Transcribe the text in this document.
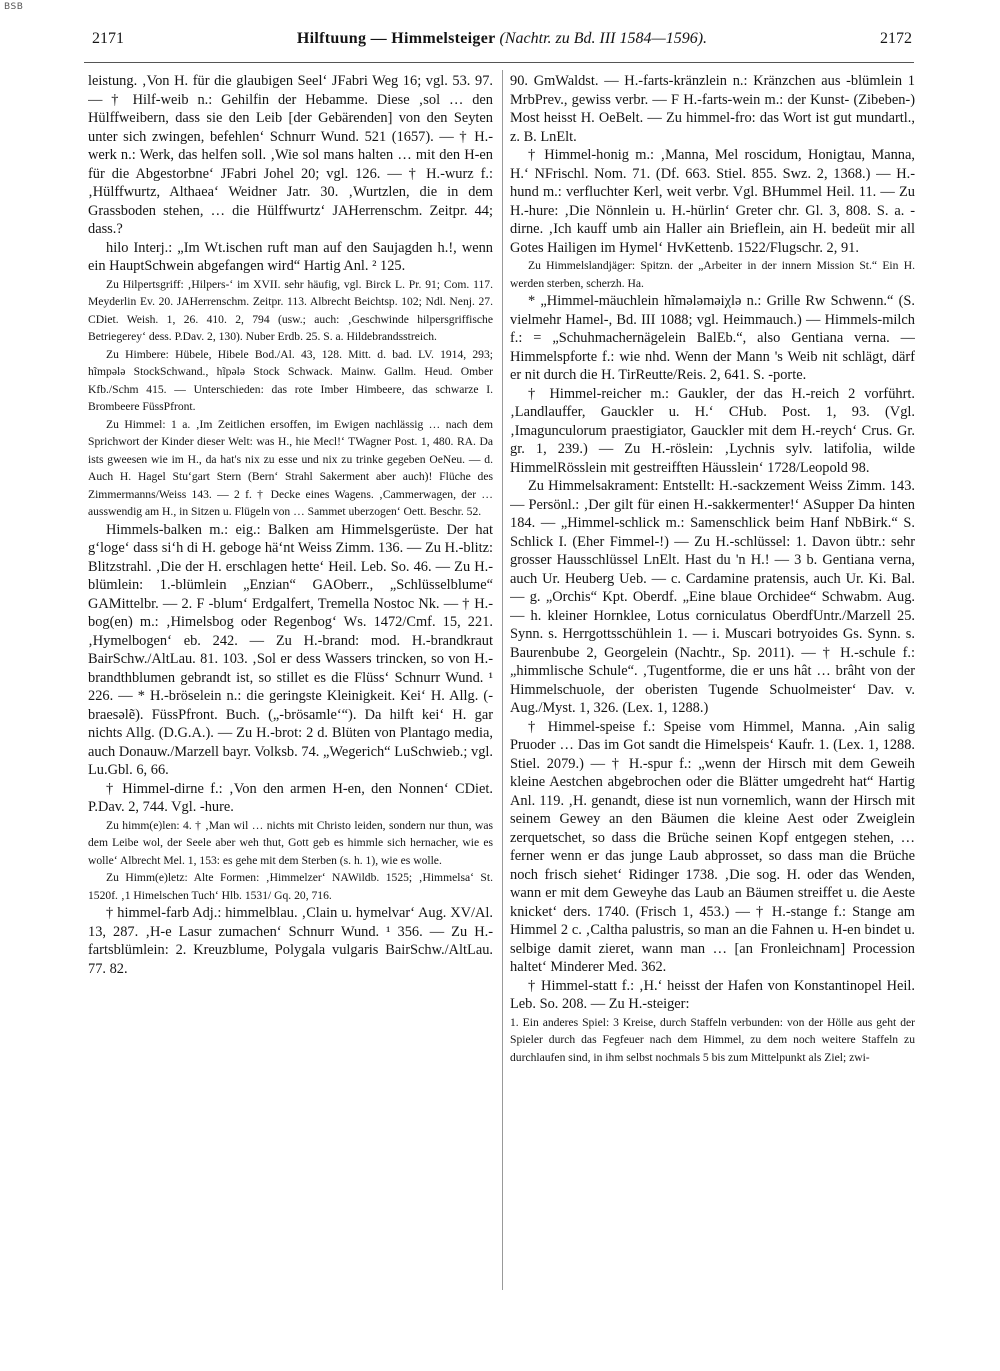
BSB
2171	Hilftuung — Himmelsteiger (Nachtr. zu Bd. III 1584—1596).	2172

leistung. ‚Von H. für die glaubigen Seel‘ JFabri Weg 16; vgl. 53. 97. — † Hilf-weib n.: Gehilfin der Hebamme. Diese ‚sol … den Hülffweibern, dass sie den Leib [der Gebärenden] von den Seyten unter sich zwingen, befehlen‘ Schnurr Wund. 521 (1657). — † H.-werk n.: Werk, das helfen soll. ‚Wie sol mans halten … mit den H-en für die Abgestorbne‘ JFabri Johel 20; vgl. 126. — † H.-wurz f.: ‚Hülffwurtz, Althaea‘ Weidner Jatr. 30. ‚Wurtzlen, die in dem Grassboden stehen, … die Hülffwurtz‘ JAHerrenschm. Zeitpr. 44; dass.?

hilo Interj.: „Im Wt.ischen ruft man auf den Saujagden h.!, wenn ein HauptSchwein abgefangen wird“ Hartig Anl. ² 125.

Zu Hilpertsgriff: ‚Hilpers-‘ im XVII. sehr häufig, vgl. Birck L. Pr. 91; Com. 117. Meyderlin Ev. 20. JAHerrenschm. Zeitpr. 113. Albrecht Beichtsp. 102; Ndl. Nenj. 27. CDiet. Weish. 1, 26. 410. 2, 794 (usw.; auch: ‚Geschwinde hilpersgriffische Betriegerey‘ dess. P.Dav. 2, 130). Nuber Erdb. 25. S. a. Hildebrandsstreich.

Zu Himbere: Hübele, Hibele Bod./Al. 43, 128. Mitt. d. bad. LV. 1914, 293; hĩmpələ StockSchwand., hĩpələ Stock Schwack. Mainw. Gallm. Heud. Omber Kfb./Schm 415. — Unterschieden: das rote Imber Himbeere, das schwarze I. Brombeere FüssPfront.

Zu Himmel: 1 a. ‚Im Zeitlichen ersoffen, im Ewigen nachlässig … nach dem Sprichwort der Kinder dieser Welt: was H., hie Mecl!‘ TWagner Post. 1, 480. RA. Da ists gweesen wie im H., da hat's nix zu esse und nix zu trinke gegeben OeNeu. — d. Auch H. Hagel Stu‘gart Stern (Bern‘ Strahl Sakerment aber auch)! Flüche des Zimmermanns/Weiss 143. — 2 f. † Decke eines Wagens. ‚Cammerwagen, der … ausswendig am H., in Sitzen u. Flügeln von … Sammet uberzogen‘ Oett. Beschr. 52.

Himmels-balken m.: eig.: Balken am Himmelsgerüste. Der hat g‘loge‘ dass si‘h di H. geboge hä‘nt Weiss Zimm. 136. — Zu H.-blitz: Blitzstrahl. ‚Die der H. erschlagen hette‘ Heil. Leb. So. 46. — Zu H.-blümlein: 1.-blümlein „Enzian“ GAOberr., „Schlüsselblume“ GAMittelbr. — 2. F -blum‘ Erdgalfert, Tremella Nostoc Nk. — † H.-bog(en) m.: ‚Himelsbog oder Regenbog‘ Ws. 1472/Cmf. 15, 221. ‚Hymelbogen‘ eb. 242. — Zu H.-brand: mod. H.-brandkraut BairSchw./AltLau. 81. 103. ‚Sol er dess Wassers trincken, so von H.-brandthblumen gebrandt ist, so stillet es die Flüss‘ Schnurr Wund. ¹ 226. — * H.-bröselein n.: die geringste Kleinigkeit. Kei‘ H. Allg. (-braesəlẽ). FüssPfront. Buch. („-brösamle‘“). Da hilft kei‘ H. gar nichts Allg. (D.G.A.). — Zu H.-brot: 2 d. Blüten von Plantago media, auch Donauw./Marzell bayr. Volksb. 74. „Wegerich“ LuSchwieb.; vgl. Lu.Gbl. 6, 66.

† Himmel-dirne f.: ‚Von den armen H-en, den Nonnen‘ CDiet. P.Dav. 2, 744. Vgl. -hure.

Zu himm(e)len: 4. † ‚Man wil … nichts mit Christo leiden, sondern nur thun, was dem Leibe wol, der Seele aber weh thut, Gott geb es himmle sich hernacher, wie es wolle‘ Albrecht Mel. 1, 153: es gehe mit dem Sterben (s. h. 1), wie es wolle.

Zu Himm(e)letz: Alte Formen: ‚Himmelzer‘ NAWildb. 1525; ‚Himmelsa‘ St. 1520f. ‚1 Himelschen Tuch‘ Hlb. 1531/ Gq. 20, 716.

† himmel-farb Adj.: himmelblau. ‚Clain u. hymelvar‘ Aug. XV/Al. 13, 287. ‚H-e Lasur zumachen‘ Schnurr Wund. ¹ 356. — Zu H.-fartsblümlein: 2. Kreuzblume, Polygala vulgaris BairSchw./AltLau. 77. 82.

90. GmWaldst. — H.-farts-kränzlein n.: Kränzchen aus -blümlein 1 MrbPrev., gewiss verbr. — F H.-farts-wein m.: der Kunst- (Zibeben-) Most heisst H. OeBelt. — Zu himmel-fro: das Wort ist gut mundartl., z. B. LnElt.

† Himmel-honig m.: ‚Manna, Mel roscidum, Honigtau, Manna, H.‘ NFrischl. Nom. 71. (Df. 663. Stiel. 855. Swz. 2, 1368.) — H.-hund m.: verfluchter Kerl, weit verbr. Vgl. BHummel Heil. 11. — Zu H.-hure: ‚Die Nönnlein u. H.-hürlin‘ Greter chr. Gl. 3, 808. S. a. -dirne. ‚Ich kauff umb ain Haller ain Brieflein, ain H. bedeüt mir all Gotes Hailigen im Hymel‘ HvKettenb. 1522/Flugschr. 2, 91.

Zu Himmelslandjäger: Spitzn. der „Arbeiter in der innern Mission St.“ Ein H. werden sterben, scherzh. Ha.

* „Himmel-mäuchlein hĩmələməiχlə n.: Grille Rw Schwenn.“ (S. vielmehr Hamel-, Bd. III 1088; vgl. Heimmauch.) — Himmels-milch f.: = „Schuhmachernägelein BalEb.“, also Gentiana verna. — Himmelspforte f.: wie nhd. Wenn der Mann 's Weib nit schlägt, därf er nit durch die H. TirReutte/Reis. 2, 641. S. -porte.

† Himmel-reicher m.: Gaukler, der das H.-reich 2 vorführt. ‚Landlauffer, Gauckler u. H.‘ CHub. Post. 1, 93. (Vgl. ‚Imagunculorum praestigiator, Gauckler mit dem H.-reych‘ Crus. Gr. gr. 1, 239.) — Zu H.-röslein: ‚Lychnis sylv. latifolia, wilde HimmelRösslein mit gestreifften Häusslein‘ 1728/Leopold 98.

Zu Himmelsakrament: Entstellt: H.-sackzement Weiss Zimm. 143. — Persönl.: ‚Der gilt für einen H.-sakkermenter!‘ ASupper Da hinten 184. — „Himmel-schlick m.: Samenschlick beim Hanf NbBirk.“ S. Schlick I. (Eher Fimmel-!) — Zu H.-schlüssel: 1. Davon übtr.: sehr grosser Hausschlüssel LnElt. Hast du 'n H.! — 3 b. Gentiana verna, auch Ur. Heuberg Ueb. — c. Cardamine pratensis, auch Ur. Ki. Bal. — g. „Orchis“ Kpt. Oberdf. „Eine blaue Orchidee“ Schwabm. Aug. — h. kleiner Hornklee, Lotus corniculatus OberdfUntr./Marzell 25. Synn. s. Herrgottsschühlein 1. — i. Muscari botryoides Gs. Synn. s. Baurenbube 2, Georgelein (Nachtr., Sp. 2011). — † H.-schule f.: „himmlische Schule“. ‚Tugentforme, die er uns hât … brâht von der Himmelschuole, der oberisten Tugende Schuolmeister‘ Dav. v. Aug./Myst. 1, 326. (Lex. 1, 1288.)

† Himmel-speise f.: Speise vom Himmel, Manna. ‚Ain salig Pruoder … Das im Got sandt die Himelspeis‘ Kaufr. 1. (Lex. 1, 1288. Stiel. 2079.) — † H.-spur f.: „wenn der Hirsch mit dem Geweih kleine Aestchen abgebrochen oder die Blätter umgedreht hat“ Hartig Anl. 119. ‚H. genandt, diese ist nun vornemlich, wann der Hirsch mit seinem Gewey an den Bäumen die kleine Aest oder Zweiglein zerquetschet, so dass die Brüche seinen Kopf entgegen stehen, … ferner wenn er das junge Laub abprosset, so dass man die Brüche noch frisch siehet‘ Ridinger 1738. ‚Die sog. H. oder das Wenden, wann er mit dem Geweyhe das Laub an Bäumen streiffet u. die Aeste knicket‘ ders. 1740. (Frisch 1, 453.) — † H.-stange f.: Stange am Himmel 2 c. ‚Caltha palustris, so man an die Fahnen u. H-en bindet u. selbige damit zieret, wann man … [an Fronleichnam] Procession haltet‘ Minderer Med. 362.

† Himmel-statt f.: ‚H.‘ heisst der Hafen von Konstantinopel Heil. Leb. So. 208. — Zu H.-steiger:

1. Ein anderes Spiel: 3 Kreise, durch Staffeln verbunden: von der Hölle aus geht der Spieler durch das Fegfeuer nach dem Himmel, zu dem noch weitere Staffeln zu durchlaufen sind, in ihm selbst nochmals 5 bis zum Mittelpunkt als Ziel; zwi-
